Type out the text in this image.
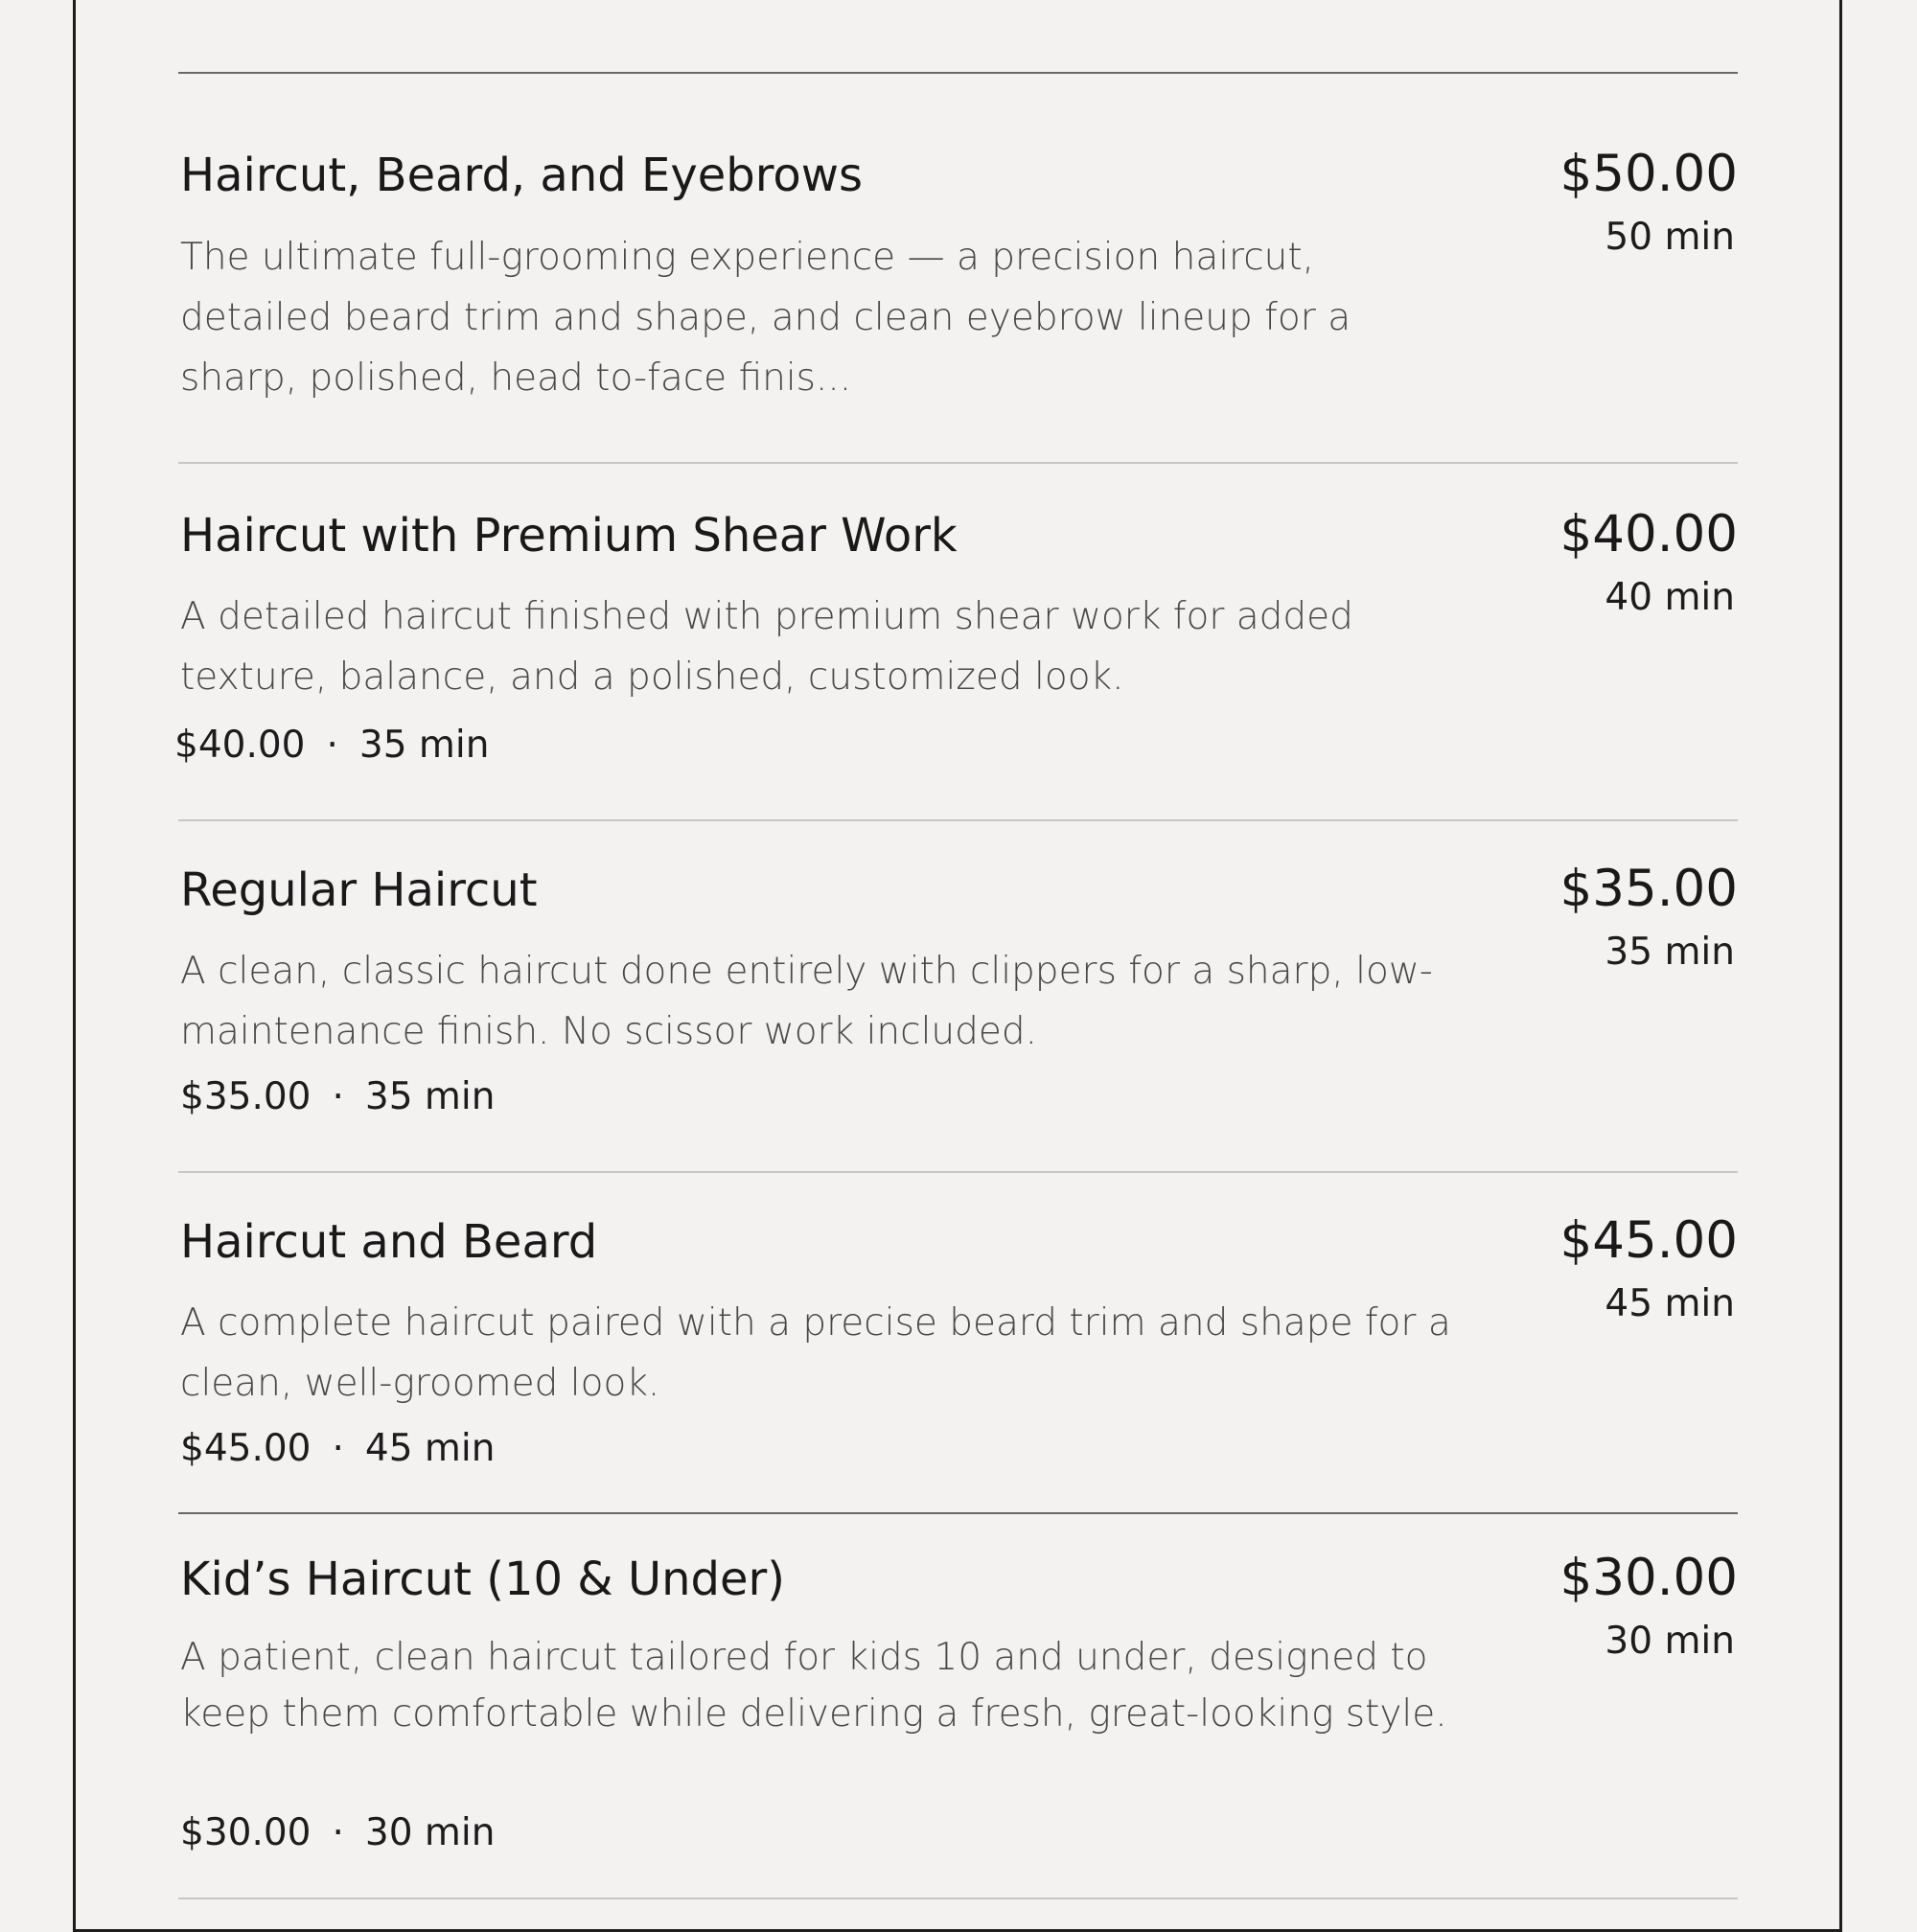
Haircut, Beard, and Eyebrows
The ultimate full-grooming experience — a precision haircut, detailed beard trim and shape, and clean eyebrow lineup for a sharp, polished, head to-face finis...
$50.00
50 min
Haircut with Premium Shear Work
A detailed haircut finished with premium shear work for added texture, balance, and a polished, customized look.
$40.00 · 35 min
$40.00
40 min
Regular Haircut
A clean, classic haircut done entirely with clippers for a sharp, low-maintenance finish. No scissor work included.
$35.00 · 35 min
$35.00
35 min
Haircut and Beard
A complete haircut paired with a precise beard trim and shape for a clean, well-groomed look.
$45.00 · 45 min
$45.00
45 min
Kid’s Haircut (10 & Under)
A patient, clean haircut tailored for kids 10 and under, designed to keep them comfortable while delivering a fresh, great-looking style.
$30.00 · 30 min
$30.00
30 min
